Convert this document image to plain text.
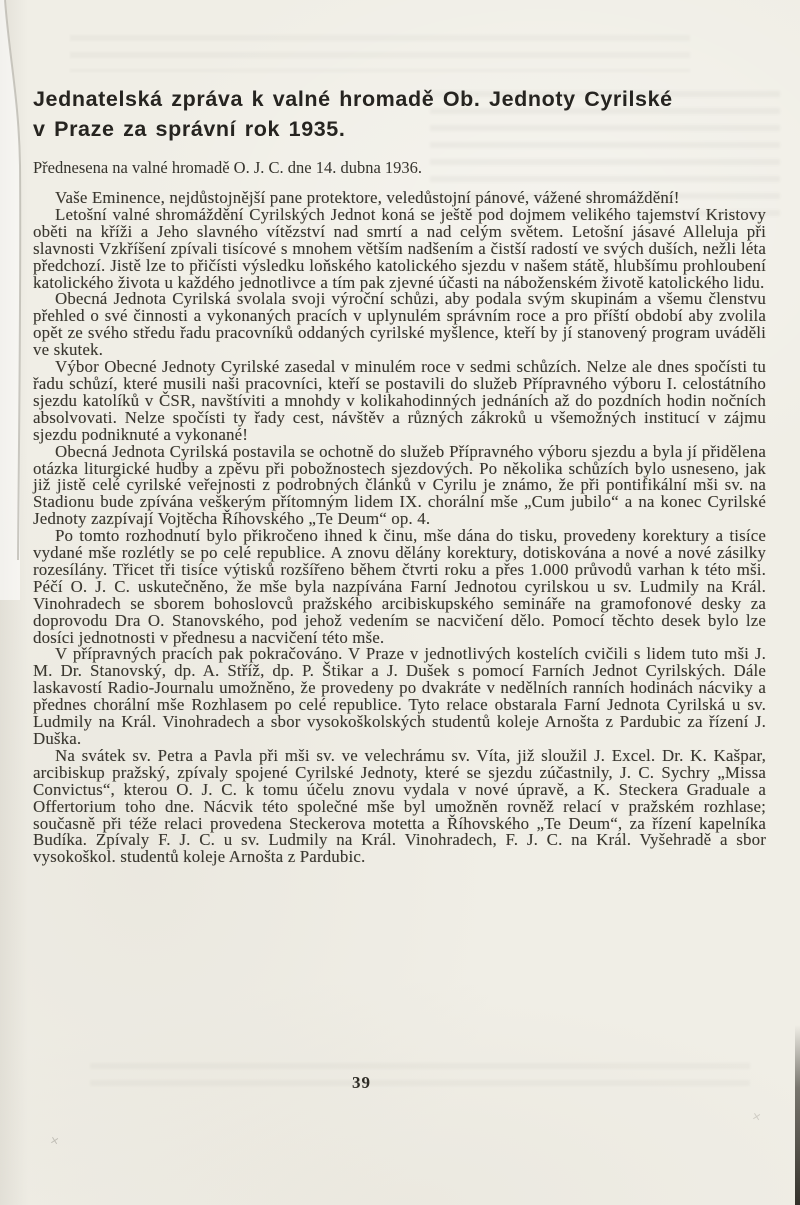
×
×
Jednatelská zpráva k valné hromadě Ob. Jednoty Cyrilské
v Praze za správní rok 1935.
Přednesena na valné hromadě O. J. C. dne 14. dubna 1936.

Vaše Eminence, nejdůstojnější pane protektore, veledůstojní pánové, vážené shromáždění!

Letošní valné shromáždění Cyrilských Jednot koná se ještě pod dojmem velikého tajemství Kristovy oběti na kříži a Jeho slavného vítězství nad smrtí a nad celým světem. Letošní jásavé Alleluja při slavnosti Vzkříšení zpívali tisícové s mnohem větším nadšením a čistší radostí ve svých duších, nežli léta předchozí. Jistě lze to přičísti výsledku loňského katolického sjezdu v našem státě, hlubšímu prohloubení katolického života u každého jednotlivce a tím pak zjevné účasti na náboženském životě katolického lidu.

Obecná Jednota Cyrilská svolala svoji výroční schůzi, aby podala svým skupinám a všemu členstvu přehled o své činnosti a vykonaných pracích v uplynulém správním roce a pro příští období aby zvolila opět ze svého středu řadu pracovníků oddaných cyrilské myšlence, kteří by jí stanovený program uváděli ve skutek.

Výbor Obecné Jednoty Cyrilské zasedal v minulém roce v sedmi schůzích. Nelze ale dnes spočísti tu řadu schůzí, které musili naši pracovníci, kteří se postavili do služeb Přípravného výboru I. celostátního sjezdu katolíků v ČSR, navštíviti a mnohdy v kolikahodinných jednáních až do pozdních hodin nočních absolvovati. Nelze spočísti ty řady cest, návštěv a různých zákroků u všemožných institucí v zájmu sjezdu podniknuté a vykonané!

Obecná Jednota Cyrilská postavila se ochotně do služeb Přípravného výboru sjezdu a byla jí přidělena otázka liturgické hudby a zpěvu při pobožnostech sjezdových. Po několika schůzích bylo usneseno, jak již jistě celé cyrilské veřejnosti z podrobných článků v Cyrilu je známo, že při pontifikální mši sv. na Stadionu bude zpívána veškerým přítomným lidem IX. chorální mše „Cum jubilo“ a na konec Cyrilské Jednoty zazpívají Vojtěcha Říhovského „Te Deum“ op. 4.

Po tomto rozhodnutí bylo přikročeno ihned k činu, mše dána do tisku, provedeny korektury a tisíce vydané mše rozlétly se po celé republice. A znovu dělány korektury, dotiskována a nové a nové zásilky rozesílány. Třicet tři tisíce výtisků rozšířeno během čtvrti roku a přes 1.000 průvodů varhan k této mši. Péčí O. J. C. uskutečněno, že mše byla nazpívána Farní Jednotou cyrilskou u sv. Ludmily na Král. Vinohradech se sborem bohoslovců pražského arcibiskupského semináře na gramofonové desky za doprovodu Dra O. Stanovského, pod jehož vedením se nacvičení dělo. Pomocí těchto desek bylo lze dosíci jednotnosti v přednesu a nacvičení této mše.

V přípravných pracích pak pokračováno. V Praze v jednotlivých kostelích cvičili s lidem tuto mši J. M. Dr. Stanovský, dp. A. Stříž, dp. P. Štikar a J. Dušek s pomocí Farních Jednot Cyrilských. Dále laskavostí Radio-Journalu umožněno, že provedeny po dvakráte v nedělních ranních hodinách nácviky a přednes chorální mše Rozhlasem po celé republice. Tyto relace obstarala Farní Jednota Cyrilská u sv. Ludmily na Král. Vinohradech a sbor vysokoškolských studentů koleje Arnošta z Pardubic za řízení J. Duška.

Na svátek sv. Petra a Pavla při mši sv. ve velechrámu sv. Víta, již sloužil J. Excel. Dr. K. Kašpar, arcibiskup pražský, zpívaly spojené Cyrilské Jednoty, které se sjezdu zúčastnily, J. C. Sychry „Missa Convictus“, kterou O. J. C. k tomu účelu znovu vydala v nové úpravě, a K. Steckera Graduale a Offertorium toho dne. Nácvik této společné mše byl umožněn rovněž relací v pražském rozhlase; současně při téže relaci provedena Steckerova motetta a Říhovského „Te Deum“, za řízení kapelníka Budíka. Zpívaly F. J. C. u sv. Ludmily na Král. Vinohradech, F. J. C. na Král. Vyšehradě a sbor vysokoškol. studentů koleje Arnošta z Pardubic.

39
